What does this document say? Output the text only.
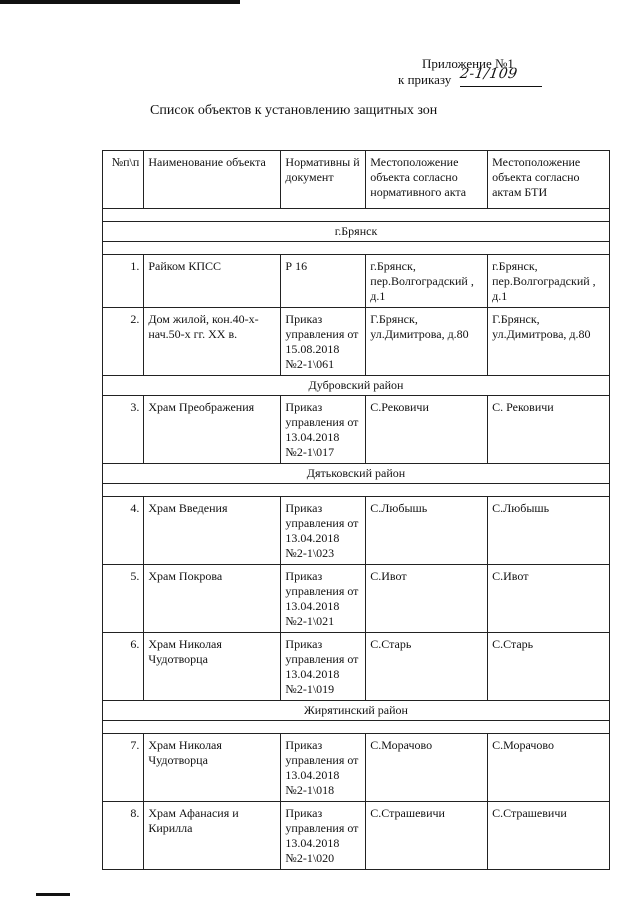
Приложение №1
к приказу 2-1/109
Список объектов к установлению защитных зон
№п\п	Наименование объекта	Нормативны й документ	Местоположение объекта согласно нормативного акта	Местоположение объекта согласно актам БТИ

г.Брянск				

1.	Райком КПСС	Р 16	г.Брянск, пер.Волгоградский , д.1	г.Брянск, пер.Волгоградский , д.1
2.	Дом жилой, кон.40-х-нач.50-х гг. XX в.	Приказ управления от 15.08.2018 №2-1\061	Г.Брянск, ул.Димитрова, д.80	Г.Брянск, ул.Димитрова, д.80
Дубровский район				
3.	Храм Преображения	Приказ управления от 13.04.2018 №2-1\017	С.Рековичи	С. Рековичи
Дятьковский район				

4.	Храм Введения	Приказ управления от 13.04.2018 №2-1\023	С.Любышь	С.Любышь
5.	Храм Покрова	Приказ управления от 13.04.2018 №2-1\021	С.Ивот	С.Ивот
6.	Храм Николая Чудотворца	Приказ управления от 13.04.2018 №2-1\019	С.Старь	С.Старь
Жирятинский район				

7.	Храм Николая Чудотворца	Приказ управления от 13.04.2018 №2-1\018	С.Морачово	С.Морачово
8.	Храм Афанасия и Кирилла	Приказ управления от 13.04.2018 №2-1\020	С.Страшевичи	С.Страшевичи
